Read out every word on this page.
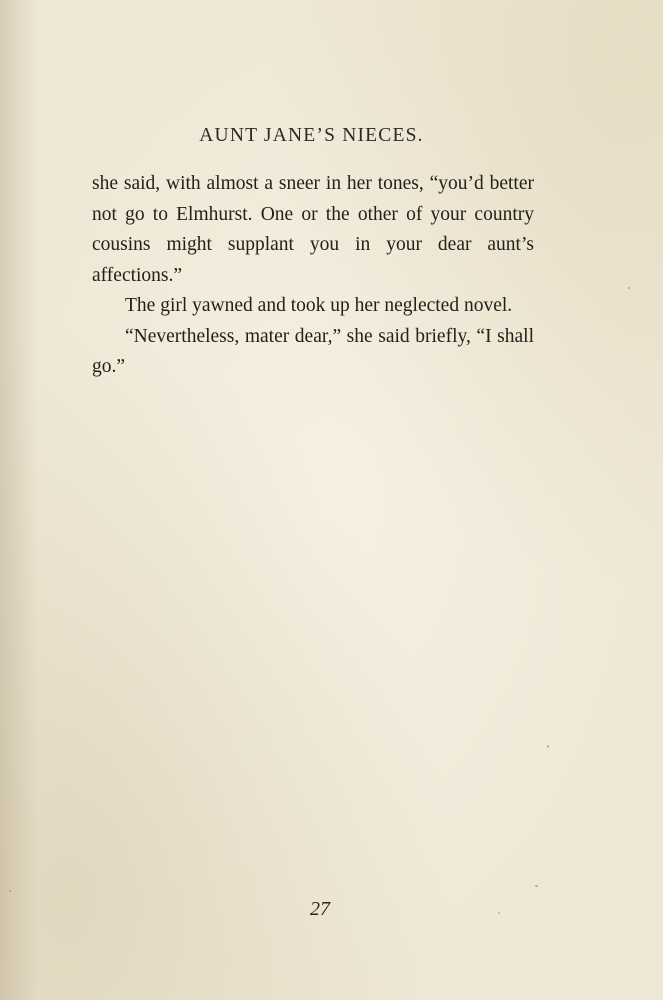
AUNT JANE’S NIECES.

she said, with almost a sneer in her tones, “you’d better not go to Elmhurst. One or the other of your country cousins might supplant you in your dear aunt’s affections.”

The girl yawned and took up her neglected novel.

“Nevertheless, mater dear,” she said briefly, “I shall go.”

27
